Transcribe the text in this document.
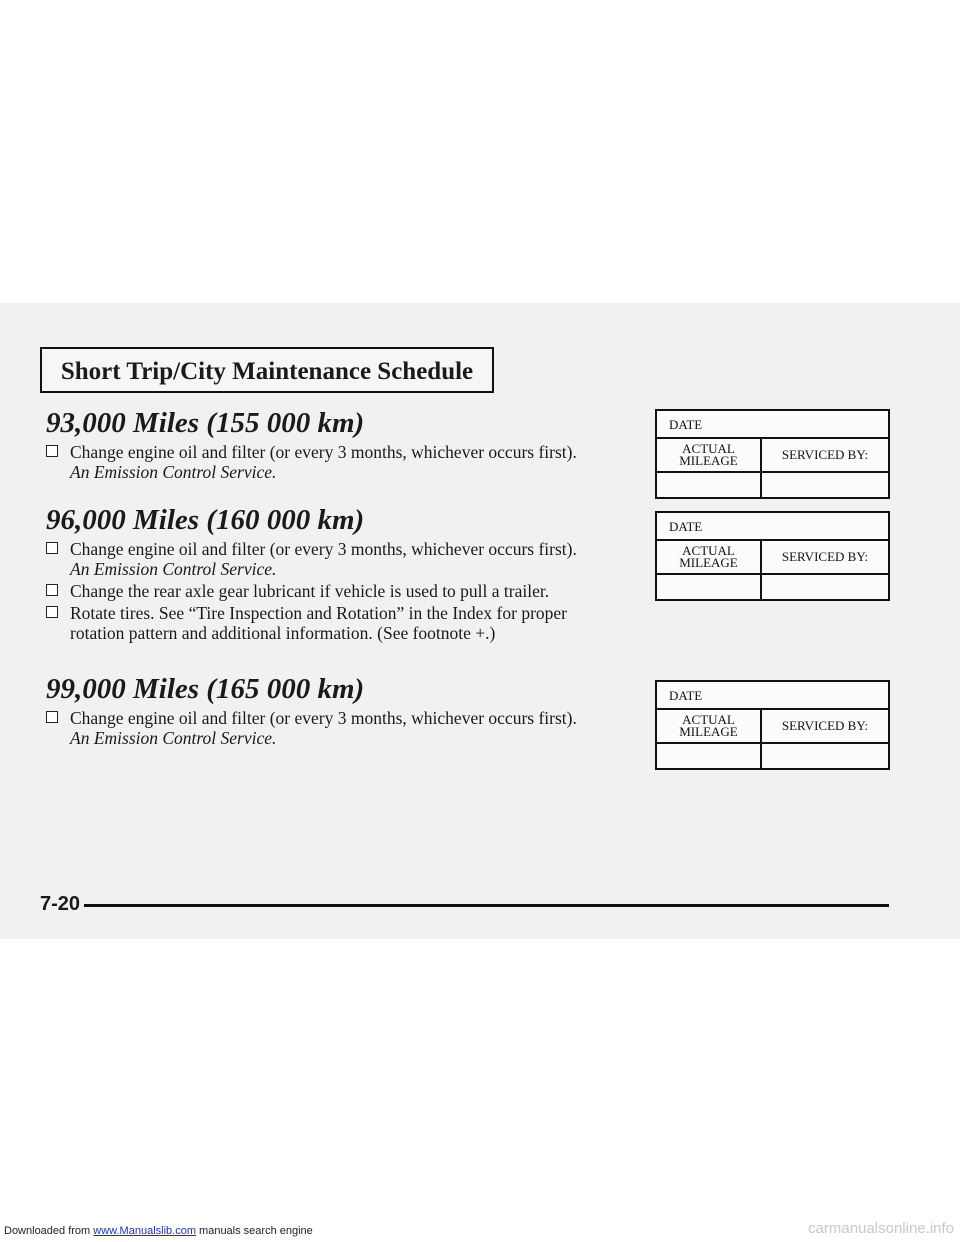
Short Trip/City Maintenance Schedule
93,000 Miles (155 000 km)
Change engine oil and filter (or every 3 months, whichever occurs first).
An Emission Control Service.
96,000 Miles (160 000 km)
Change engine oil and filter (or every 3 months, whichever occurs first).
An Emission Control Service.
Change the rear axle gear lubricant if vehicle is used to pull a trailer.
Rotate tires. See “Tire Inspection and Rotation” in the Index for proper rotation pattern and additional information. (See footnote +.)
99,000 Miles (165 000 km)
Change engine oil and filter (or every 3 months, whichever occurs first).
An Emission Control Service.
DATE
ACTUAL
MILEAGE	SERVICED BY:
DATE
ACTUAL
MILEAGE	SERVICED BY:
DATE
ACTUAL
MILEAGE	SERVICED BY:
7-20
Downloaded from www.Manualslib.com manuals search engine	carmanualsonline.info
